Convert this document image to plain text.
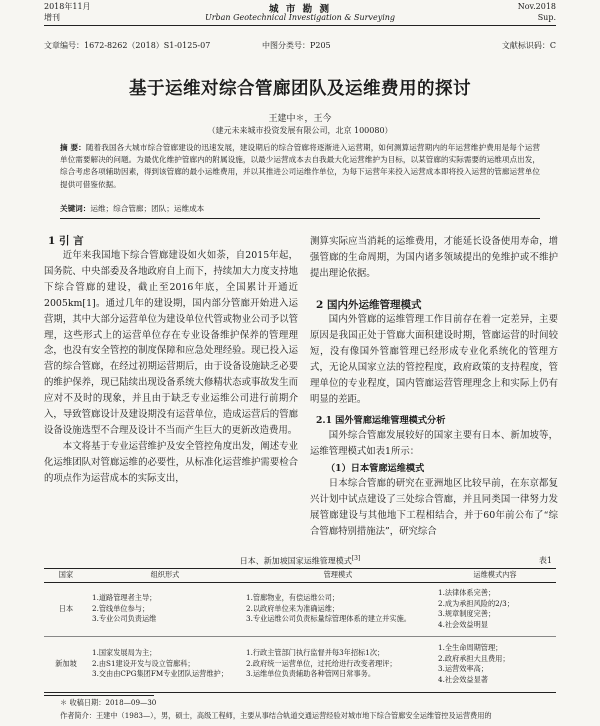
2018年11月
增刊
城 市 勘 测
Urban Geotechnical Investigation & Surveying
Nov.2018
Sup.
文章编号：1672-8262（2018）S1-0125-07	中图分类号：P205	文献标识码：C
基于运维对综合管廊团队及运维费用的探讨
王建中＊，王今
（建元未来城市投资发展有限公司，北京 100080）
摘 要：随着我国各大城市综合管廊建设的迅速发展，建设期后的综合管廊将逐渐进入运营期，如何测算运营期内的年运营维护费用是每个运营单位需要解决的问题。为最优化维护管廊内的附属设施，以最少运营成本去自我最大化运营维护为目标，以某管廊的实际需要的运维项点出发，综合考虑各项辅助因素，得到该管廊的最小运维费用，并以其推进公司运维作单位，为每下运营年来投入运营成本即将投入运营的管廊运营单位提供可借鉴依据。
关键词：运维；综合管廊；团队；运维成本
1 引 言

近年来我国地下综合管廊建设如火如荼，自2015年起，国务院、中央部委及各地政府自上而下，持续加大力度支持地下综合管廊的建设，截止至2016年底，全国累计开通近2005km[1]。通过几年的建设期，国内部分管廊开始进入运营期，其中大部分运营单位为建设单位代管或物业公司予以管理，这些形式上的运营单位存在专业设备维护保养的管理理念，也没有安全管控的制度保障和应急处理经验。现已投入运营的综合管廊，在经过初期运营期后，由于设备设施缺乏必要的维护保养，现已陆续出现设备系统大修精状态或事故发生而应对不及时的现象，并且由于缺乏专业运维公司进行前期介入，导致管廊设计及建设期没有运营单位，造成运营后的管廊设备设施选型不合理及设计不当而产生巨大的更新改造费用。

本文将基于专业运营维护及安全管控角度出发，阐述专业化运维团队对管廊运维的必要性，从标准化运营维护需要检合的项点作为运营成本的实际支出，

测算实际应当消耗的运维费用，才能延长设备使用寿命，增强管廊的生命周期，为国内诸多领域提出的免维护或不维护提出理论依据。

2 国内外运维管理模式

国内外管廊的运维管理工作目前存在着一定差异，主要原因是我国正处于管廊大面积建设时期，管廊运营的时间较短，没有像国外管廊管理已经形成专业化系统化的管理方式，无论从国家立法的管控程度，政府政策的支持程度，管理单位的专业程度，国内管廊运营管理理念上和实际上仍有明显的差距。

2.1 国外管廊运维管理模式分析

国外综合管廊发展较好的国家主要有日本、新加坡等，运维管理模式如表1所示：

（1）日本管廊运维模式

日本综合管廊的研究在亚洲地区比较早前，在东京都复兴计划中试点建设了三处综合管廊，并且同类国一律努力发展管廊建设与其他地下工程相结合，并于60年前公布了“综合管廊特别措施法”，研究综合

日本、新加坡国家运维管理模式[3]	表1
国家	组织形式	管理模式	运维模式内容
日本	1.道路管理者主导；
2.管线单位参与；
3.专业公司负责运维	1.管廊物业，有偿运维公司；
2.以政府单位来为准确运维；
3.专业运维公司负责标量综管理体系的建立并实施。	1.法律体系完善；
2.成为承担风险的2/3；
3.规章制度完善；
4.社会效益明显
新加坡	1.国家发展局为主；
2.由S1建设开发与设立管廊科；
3.交由由CPG集团FM专业团队运营维护；	1.行政主管部门执行监督并每3年招标1次；
2.政府统一运营单位，过托给进行改变者理评；
3.运维单位负责辅助各种管网日常事务。	1.全生命周期管理；
2.政府承担大且费用；
3.运营效率高；
4.社会效益显著
＊ 收稿日期：2018—09—30
作者简介：王建中（1983—），男，硕士，高级工程师，主要从事结合轨道交通运营经验对城市地下综合管廊安全运维管控及运营费用的
